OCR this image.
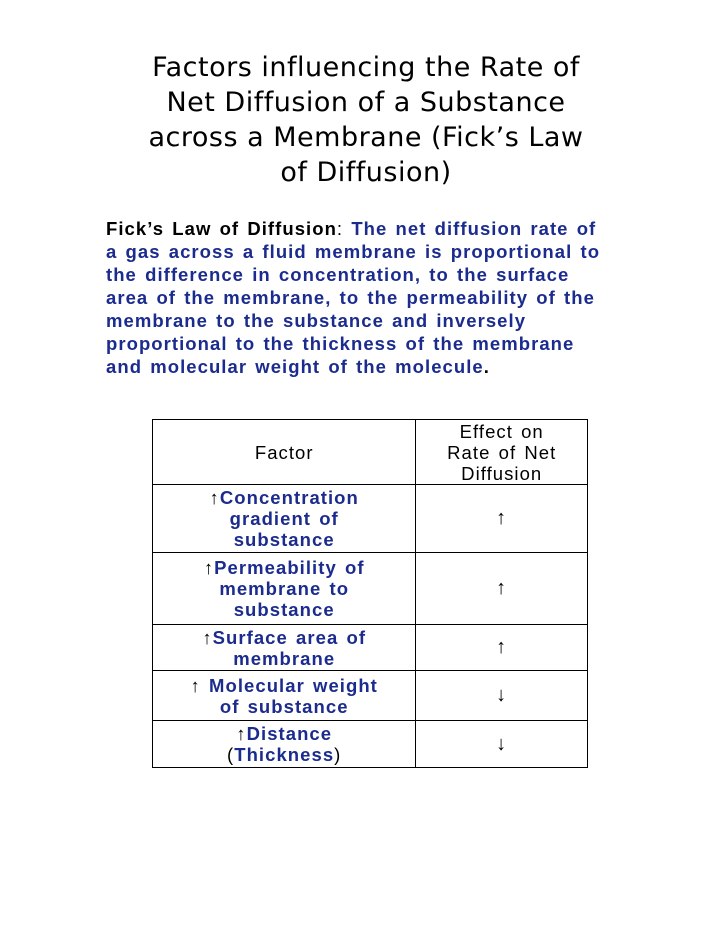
Factors influencing the Rate of
Net Diffusion of a Substance
across a Membrane (Fick’s Law
of Diffusion)

Fick’s Law of Diffusion: The net diffusion rate of a gas across a fluid membrane is proportional to the difference in concentration, to the surface area of the membrane, to the permeability of the membrane to the substance and inversely proportional to the thickness of the membrane and molecular weight of the molecule.

Factor	Effect on
Rate of Net
Diffusion
↑Concentration
gradient of
substance	↑
↑Permeability of
membrane to
substance	↑
↑Surface area of
membrane	↑
↑ Molecular weight
of substance	↓
↑Distance
(Thickness)	↓
